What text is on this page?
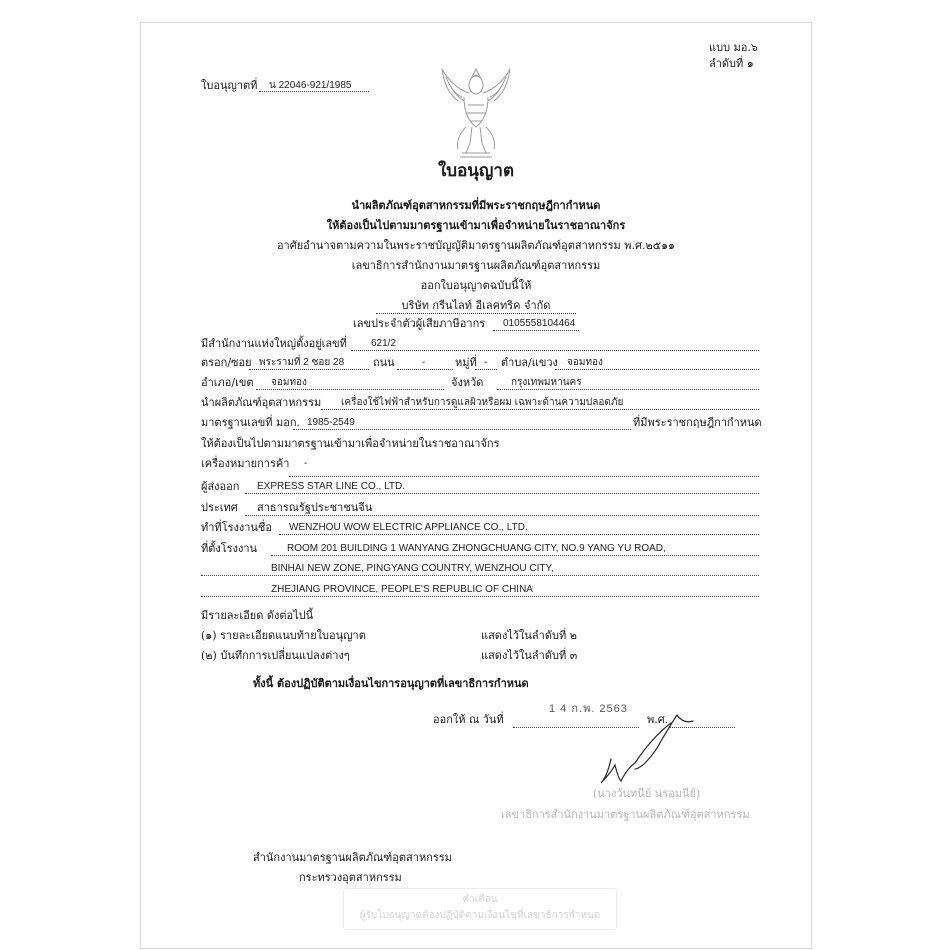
แบบ มอ.๖
ลำดับที่ ๑
ใบอนุญาตที่ น 22046-921/1985
ใบอนุญาต
นำผลิตภัณฑ์อุตสาหกรรมที่มีพระราชกฤษฎีกากำหนด
ให้ต้องเป็นไปตามมาตรฐานเข้ามาเพื่อจำหน่ายในราชอาณาจักร
อาศัยอำนาจตามความในพระราชบัญญัติมาตรฐานผลิตภัณฑ์อุตสาหกรรม พ.ศ.๒๕๑๑
เลขาธิการสำนักงานมาตรฐานผลิตภัณฑ์อุตสาหกรรม
ออกใบอนุญาตฉบับนี้ให้
บริษัท กรีนไลท์ อีเลคทริค จำกัด
เลขประจำตัวผู้เสียภาษีอากร 0105558104464
มีสำนักงานแห่งใหญ่ตั้งอยู่เลขที่ 621/2
ตรอก/ซอย พระรามที่ 2 ซอย 28	ถนน	-	หมู่ที่ - ตำบล/แขวง จอมทอง
อำเภอ/เขต จอมทอง	จังหวัด	กรุงเทพมหานคร
นำผลิตภัณฑ์อุตสาหกรรม เครื่องใช้ไฟฟ้าสำหรับการดูแลผิวหรือผม เฉพาะด้านความปลอดภัย
มาตรฐานเลขที่ มอก. 1985-2549	ที่มีพระราชกฤษฎีกากำหนด
ให้ต้องเป็นไปตามมาตรฐานเข้ามาเพื่อจำหน่ายในราชอาณาจักร
เครื่องหมายการค้า -
ผู้ส่งออก EXPRESS STAR LINE CO., LTD.
ประเทศ สาธารณรัฐประชาชนจีน
ทำที่โรงงานชื่อ WENZHOU WOW ELECTRIC APPLIANCE CO., LTD.
ที่ตั้งโรงงาน	ROOM 201 BUILDING 1 WANYANG ZHONGCHUANG CITY, NO.9 YANG YU ROAD,
BINHAI NEW ZONE, PINGYANG COUNTRY, WENZHOU CITY,
ZHEJIANG PROVINCE, PEOPLE'S REPUBLIC OF CHINA
มีรายละเอียด ดังต่อไปนี้
(๑) รายละเอียดแนบท้ายใบอนุญาต	แสดงไว้ในลำดับที่ ๒
(๒) บันทึกการเปลี่ยนแปลงต่างๆ	แสดงไว้ในลำดับที่ ๓
ทั้งนี้ ต้องปฏิบัติตามเงื่อนไขการอนุญาตที่เลขาธิการกำหนด
ออกให้ ณ วันที่
1 4 ก.พ. 2563
พ.ศ.
(นางวันทนีย์ นรอมนีย์)
เลขาธิการสำนักงานมาตรฐานผลิตภัณฑ์อุตสาหกรรม
สำนักงานมาตรฐานผลิตภัณฑ์อุตสาหกรรม
กระทรวงอุตสาหกรรม
คำเตือน
ผู้รับใบอนุญาตต้องปฏิบัติตามเงื่อนไขที่เลขาธิการกำหนด
